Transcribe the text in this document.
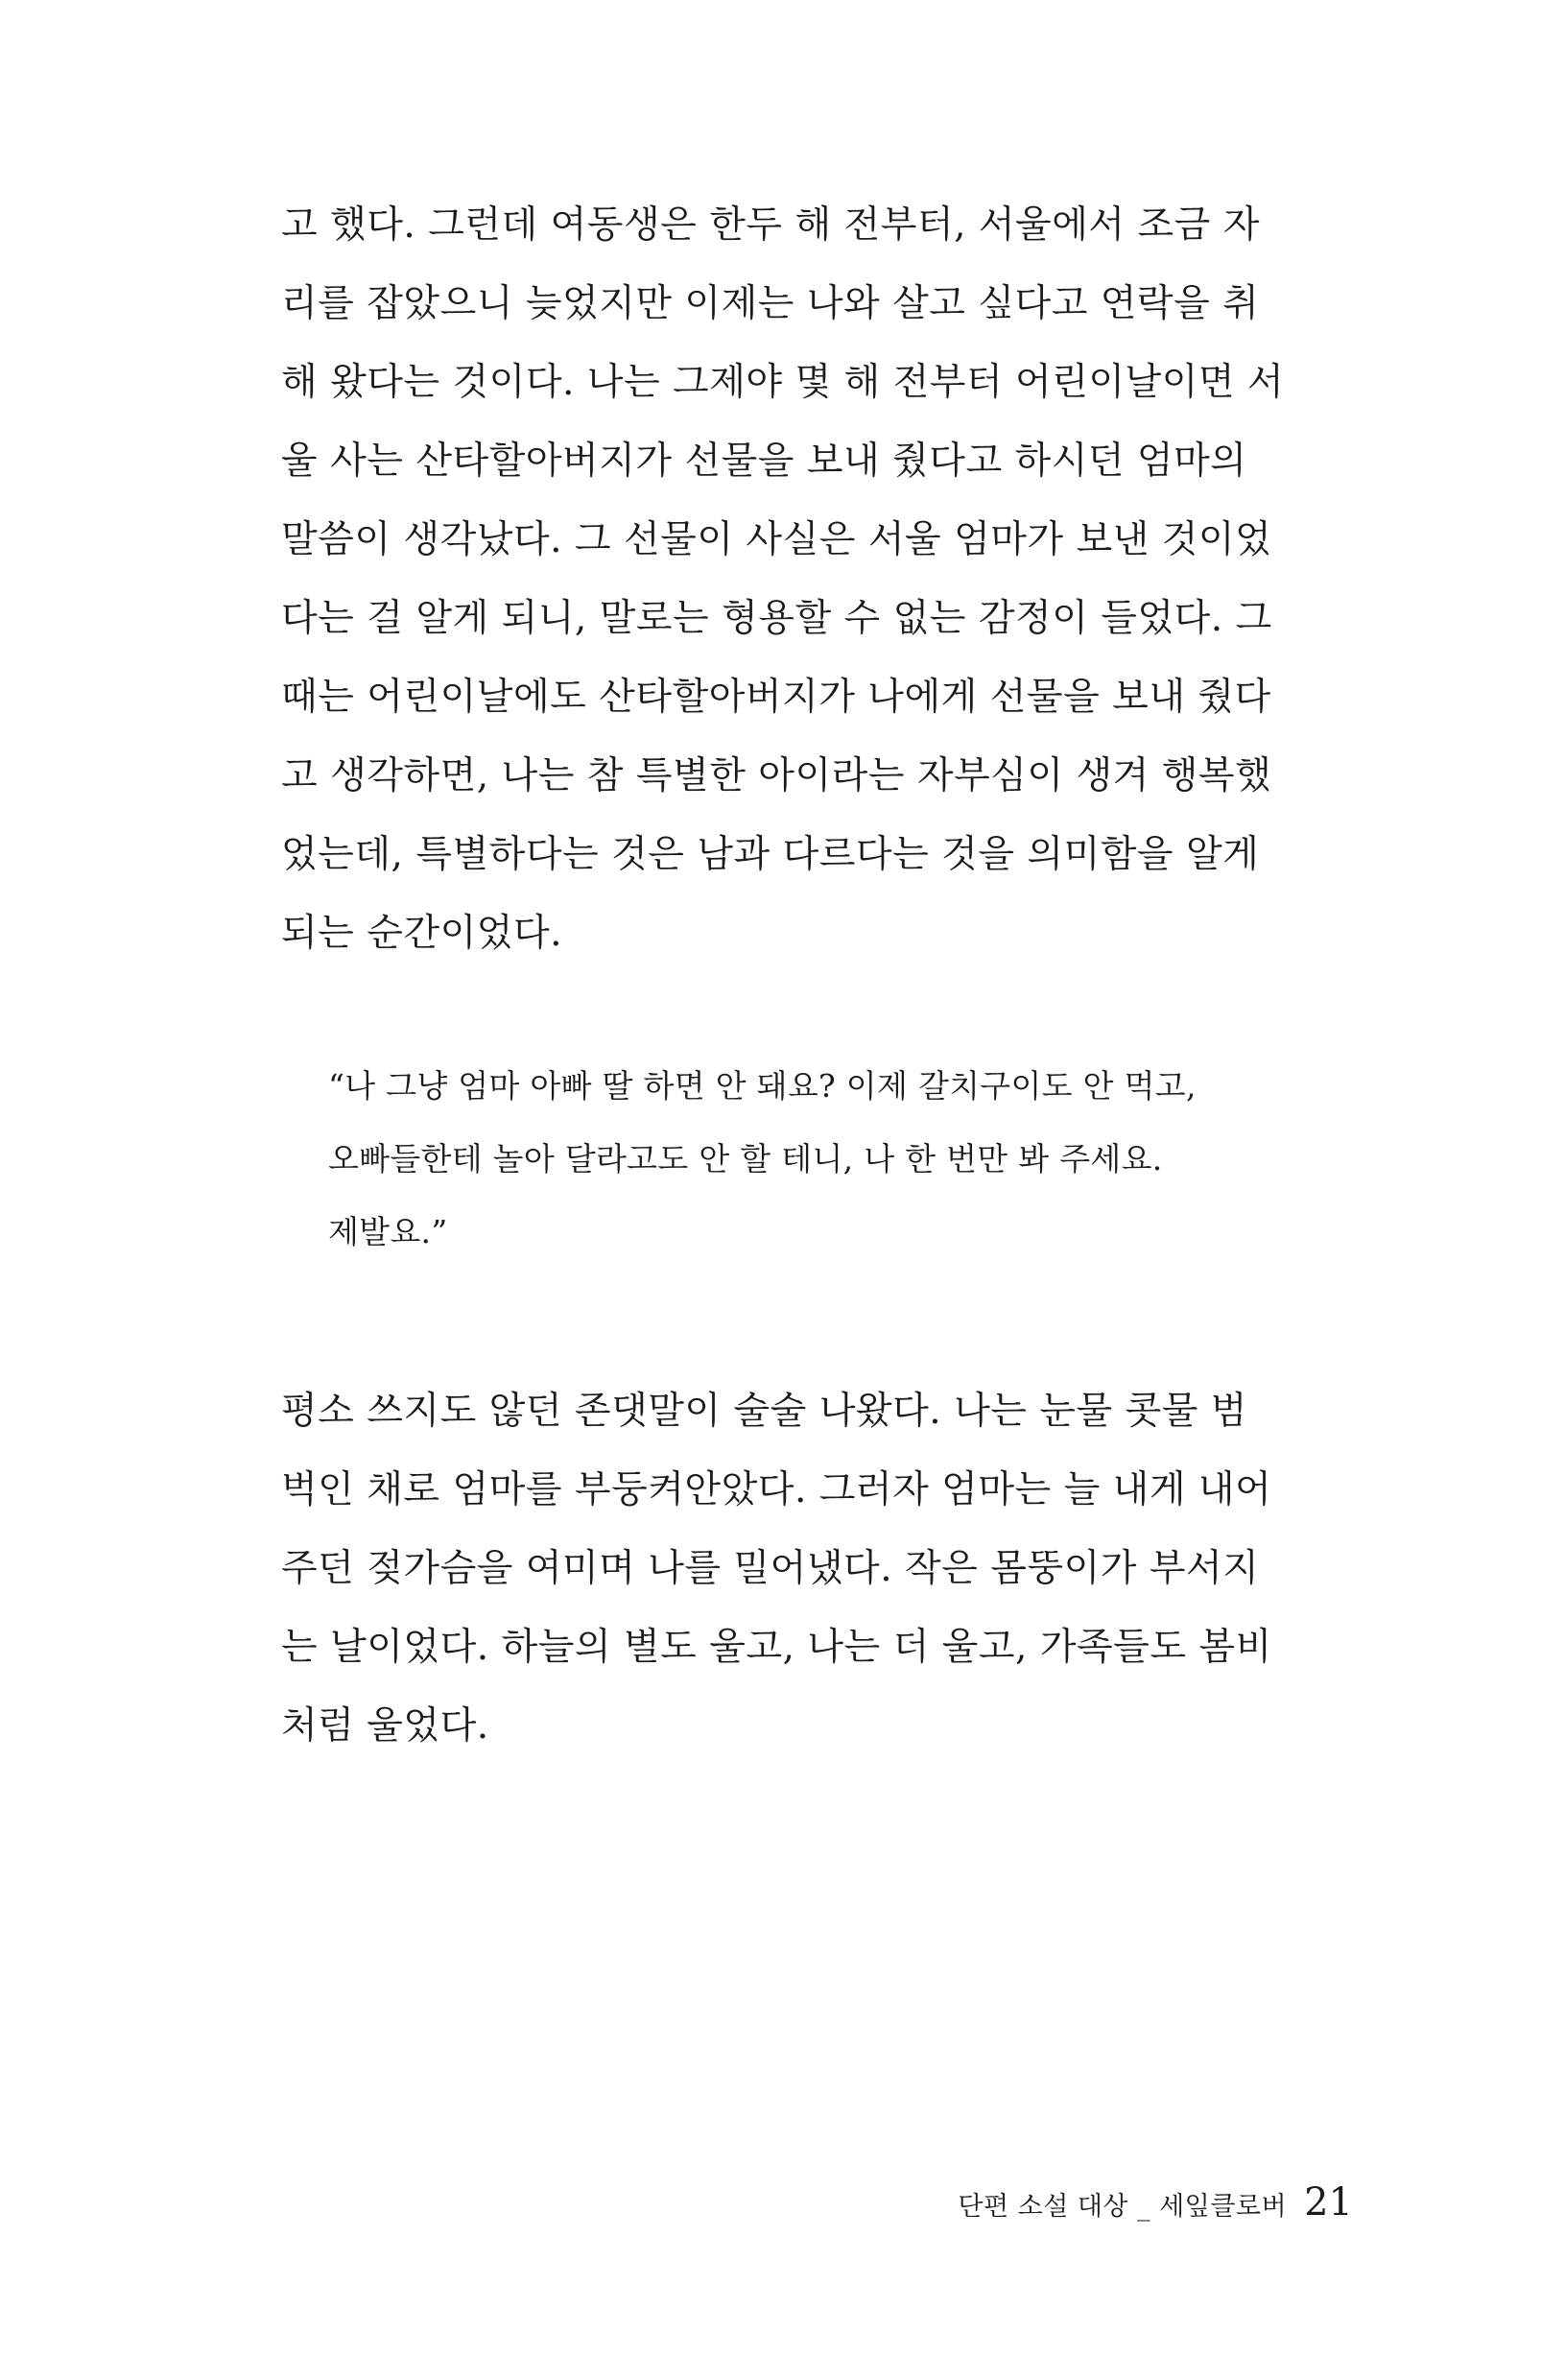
고 했다. 그런데 여동생은 한두 해 전부터, 서울에서 조금 자
리를 잡았으니 늦었지만 이제는 나와 살고 싶다고 연락을 취
해 왔다는 것이다. 나는 그제야 몇 해 전부터 어린이날이면 서
울 사는 산타할아버지가 선물을 보내 줬다고 하시던 엄마의
말씀이 생각났다. 그 선물이 사실은 서울 엄마가 보낸 것이었
다는 걸 알게 되니, 말로는 형용할 수 없는 감정이 들었다. 그
때는 어린이날에도 산타할아버지가 나에게 선물을 보내 줬다
고 생각하면, 나는 참 특별한 아이라는 자부심이 생겨 행복했
었는데, 특별하다는 것은 남과 다르다는 것을 의미함을 알게
되는 순간이었다.
“나 그냥 엄마 아빠 딸 하면 안 돼요? 이제 갈치구이도 안 먹고,
오빠들한테 놀아 달라고도 안 할 테니, 나 한 번만 봐 주세요.
제발요.”
평소 쓰지도 않던 존댓말이 술술 나왔다. 나는 눈물 콧물 범
벅인 채로 엄마를 부둥켜안았다. 그러자 엄마는 늘 내게 내어
주던 젖가슴을 여미며 나를 밀어냈다. 작은 몸뚱이가 부서지
는 날이었다. 하늘의 별도 울고, 나는 더 울고, 가족들도 봄비
처럼 울었다.
단편 소설 대상 _ 세잎클로버 21
